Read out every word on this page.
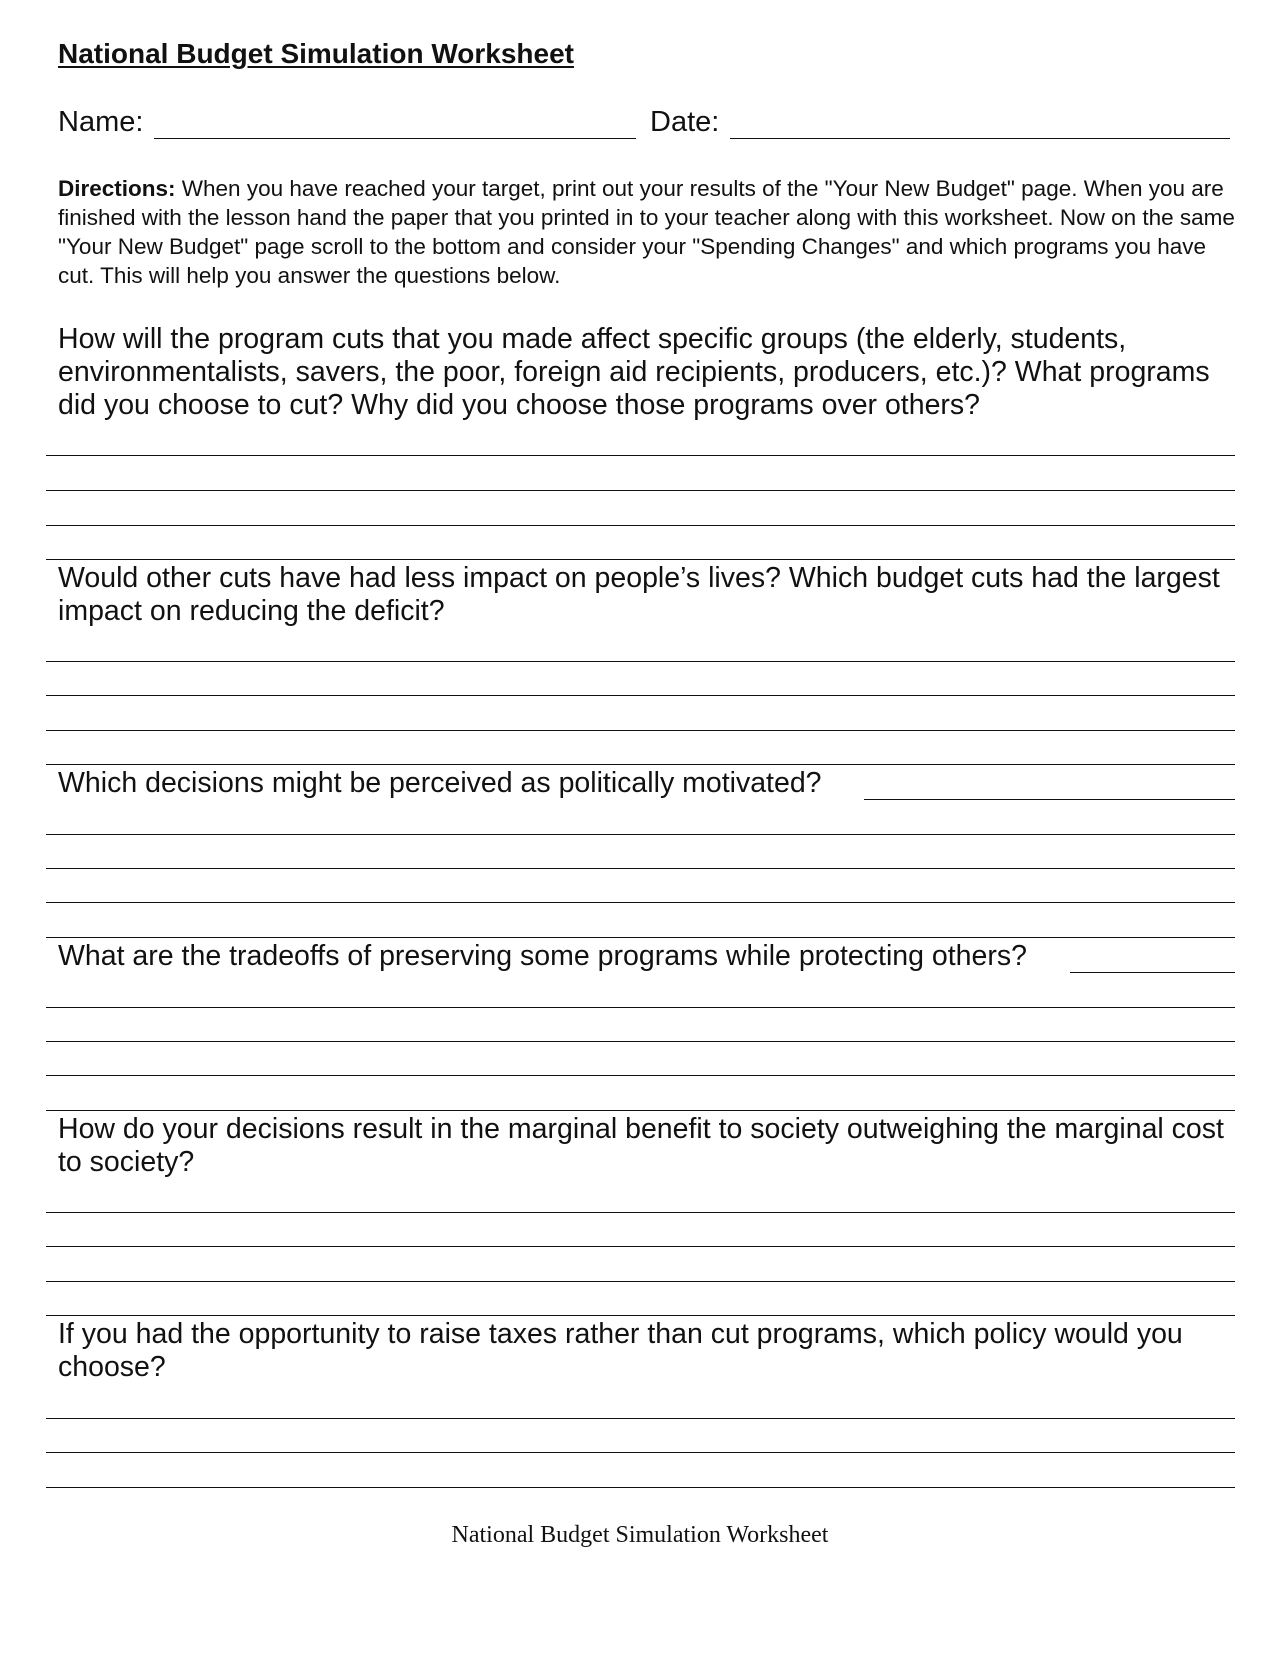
National Budget Simulation Worksheet
Name:	Date:
Directions: When you have reached your target, print out your results of the "Your New Budget" page. When you are finished with the lesson hand the paper that you printed in to your teacher along with this worksheet. Now on the same "Your New Budget" page scroll to the bottom and consider your "Spending Changes" and which programs you have cut. This will help you answer the questions below.
How will the program cuts that you made affect specific groups (the elderly, students, environmentalists, savers, the poor, foreign aid recipients, producers, etc.)? What programs did you choose to cut? Why did you choose those programs over others?
Would other cuts have had less impact on people’s lives? Which budget cuts had the largest impact on reducing the deficit?
Which decisions might be perceived as politically motivated?
What are the tradeoffs of preserving some programs while protecting others?
How do your decisions result in the marginal benefit to society outweighing the marginal cost to society?
If you had the opportunity to raise taxes rather than cut programs, which policy would you choose?
National Budget Simulation Worksheet
